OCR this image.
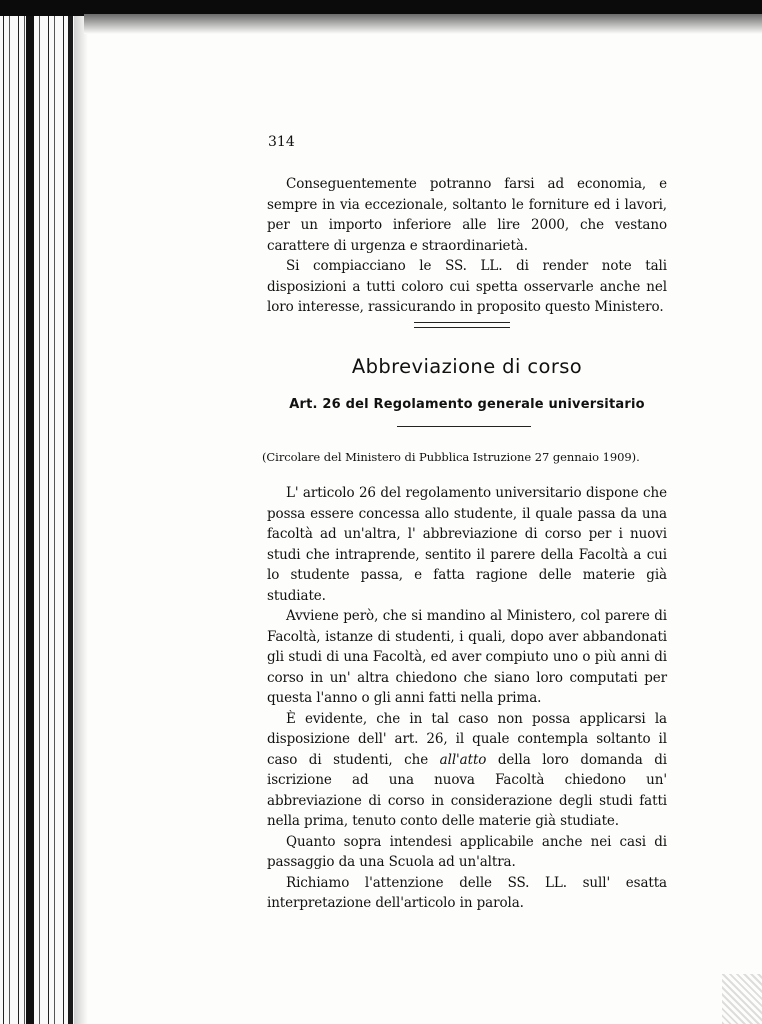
314

Conseguentemente potranno farsi ad economia, e sempre in via eccezionale, soltanto le forniture ed i lavori, per un importo inferiore alle lire 2000, che vestano carattere di urgenza e straordinarietà.

Si compiacciano le SS. LL. di render note tali disposizioni a tutti coloro cui spetta osservarle anche nel loro interesse, rassicurando in proposito questo Ministero.

Abbreviazione di corso
Art. 26 del Regolamento generale universitario
(Circolare del Ministero di Pubblica Istruzione 27 gennaio 1909).

L' articolo 26 del regolamento universitario dispone che possa essere concessa allo studente, il quale passa da una facoltà ad un'altra, l' abbreviazione di corso per i nuovi studi che intraprende, sentito il parere della Facoltà a cui lo studente passa, e fatta ragione delle materie già studiate.

Avviene però, che si mandino al Ministero, col parere di Facoltà, istanze di studenti, i quali, dopo aver abbandonati gli studi di una Facoltà, ed aver compiuto uno o più anni di corso in un' altra chiedono che siano loro computati per questa l'anno o gli anni fatti nella prima.

È evidente, che in tal caso non possa applicarsi la disposizione dell' art. 26, il quale contempla soltanto il caso di studenti, che all'atto della loro domanda di iscrizione ad una nuova Facoltà chiedono un' abbreviazione di corso in considerazione degli studi fatti nella prima, tenuto conto delle materie già studiate.

Quanto sopra intendesi applicabile anche nei casi di passaggio da una Scuola ad un'altra.

Richiamo l'attenzione delle SS. LL. sull' esatta interpretazione dell'articolo in parola.
